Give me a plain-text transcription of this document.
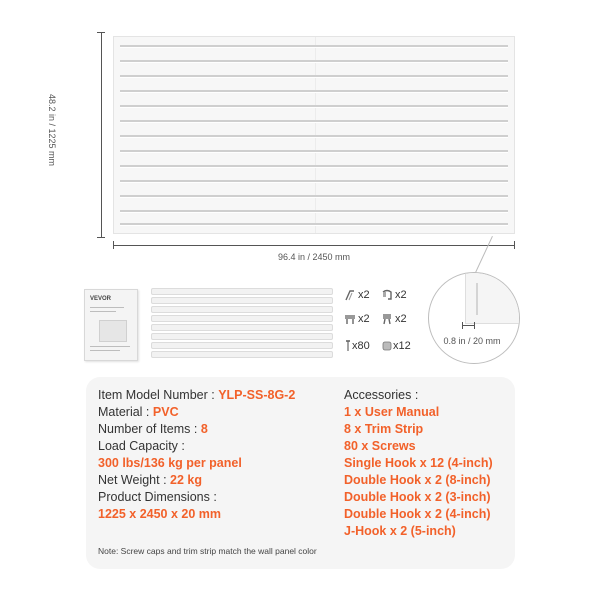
48.2 in / 1225 mm
96.4 in / 2450 mm
VEVOR	x2 x2
x2 x2
x80 x12	0.8 in / 20 mm
Item Model Number : YLP-SS-8G-2
Material : PVC
Number of Items : 8
Load Capacity :
300 lbs/136 kg per panel
Net Weight : 22 kg
Product Dimensions :
1225 x 2450 x 20 mm
Accessories :
1 x User Manual
8 x Trim Strip
80 x Screws
Single Hook x 12 (4-inch)
Double Hook x 2 (8-inch)
Double Hook x 2 (3-inch)
Double Hook x 2 (4-inch)
J-Hook x 2 (5-inch)
Note: Screw caps and trim strip match the wall panel color
